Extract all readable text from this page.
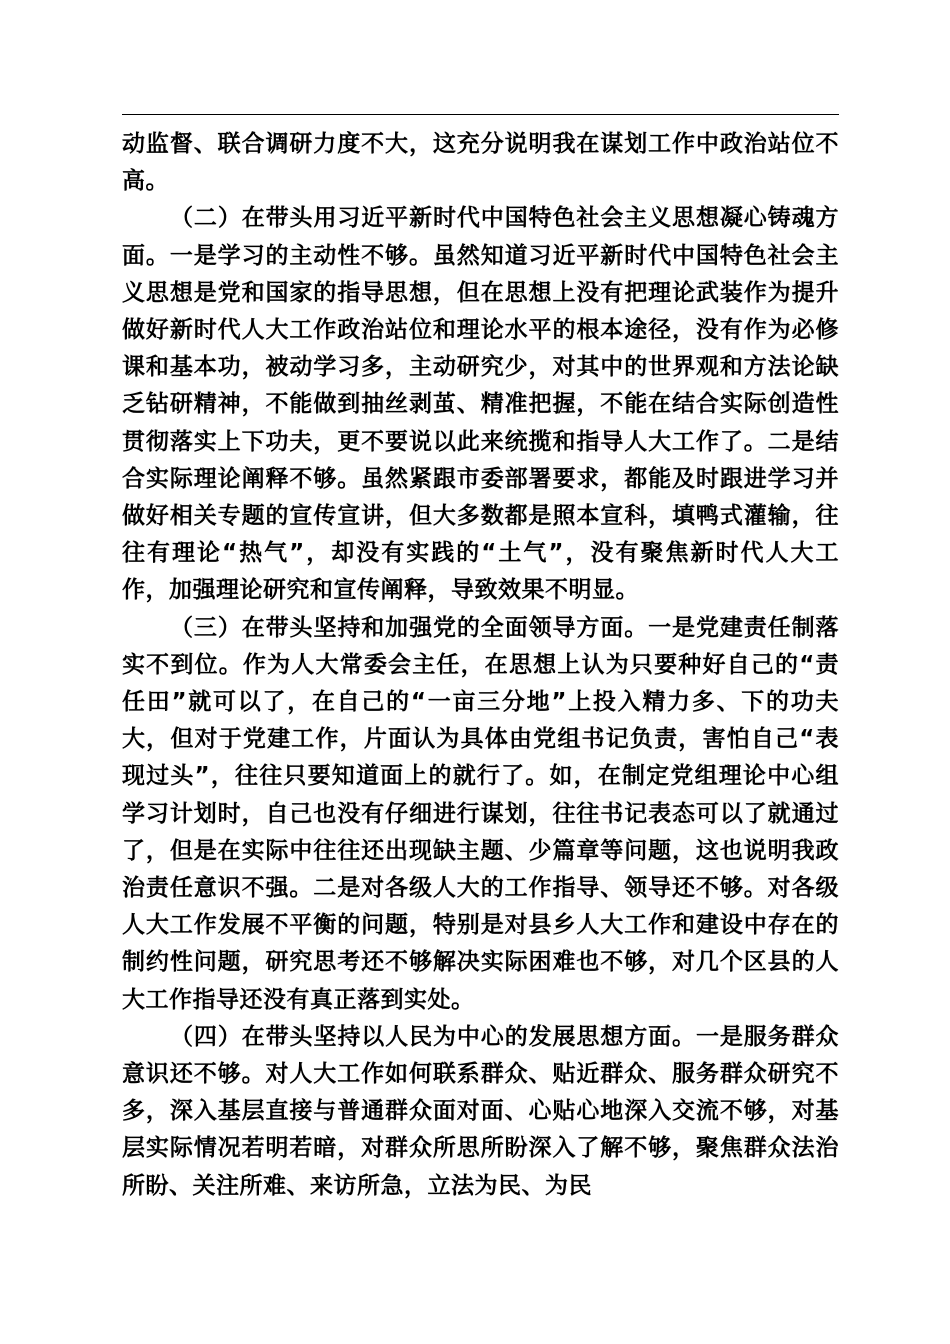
动监督、联合调研力度不大，这充分说明我在谋划工作中政治站位不高。

（二）在带头用习近平新时代中国特色社会主义思想凝心铸魂方面。一是学习的主动性不够。虽然知道习近平新时代中国特色社会主义思想是党和国家的指导思想，但在思想上没有把理论武装作为提升做好新时代人大工作政治站位和理论水平的根本途径，没有作为必修课和基本功，被动学习多，主动研究少，对其中的世界观和方法论缺乏钻研精神，不能做到抽丝剥茧、精准把握，不能在结合实际创造性贯彻落实上下功夫，更不要说以此来统揽和指导人大工作了。二是结合实际理论阐释不够。虽然紧跟市委部署要求，都能及时跟进学习并做好相关专题的宣传宣讲，但大多数都是照本宣科，填鸭式灌输，往往有理论“热气”，却没有实践的“土气”，没有聚焦新时代人大工作，加强理论研究和宣传阐释，导致效果不明显。

（三）在带头坚持和加强党的全面领导方面。一是党建责任制落实不到位。作为人大常委会主任，在思想上认为只要种好自己的“责任田”就可以了，在自己的“一亩三分地”上投入精力多、下的功夫大，但对于党建工作，片面认为具体由党组书记负责，害怕自己“表现过头”，往往只要知道面上的就行了。如，在制定党组理论中心组学习计划时，自己也没有仔细进行谋划，往往书记表态可以了就通过了，但是在实际中往往还出现缺主题、少篇章等问题，这也说明我政治责任意识不强。二是对各级人大的工作指导、领导还不够。对各级人大工作发展不平衡的问题，特别是对县乡人大工作和建设中存在的制约性问题，研究思考还不够解决实际困难也不够，对几个区县的人大工作指导还没有真正落到实处。

（四）在带头坚持以人民为中心的发展思想方面。一是服务群众意识还不够。对人大工作如何联系群众、贴近群众、服务群众研究不多，深入基层直接与普通群众面对面、心贴心地深入交流不够，对基层实际情况若明若暗，对群众所思所盼深入了解不够，聚焦群众法治所盼、关注所难、来访所急，立法为民、为民
